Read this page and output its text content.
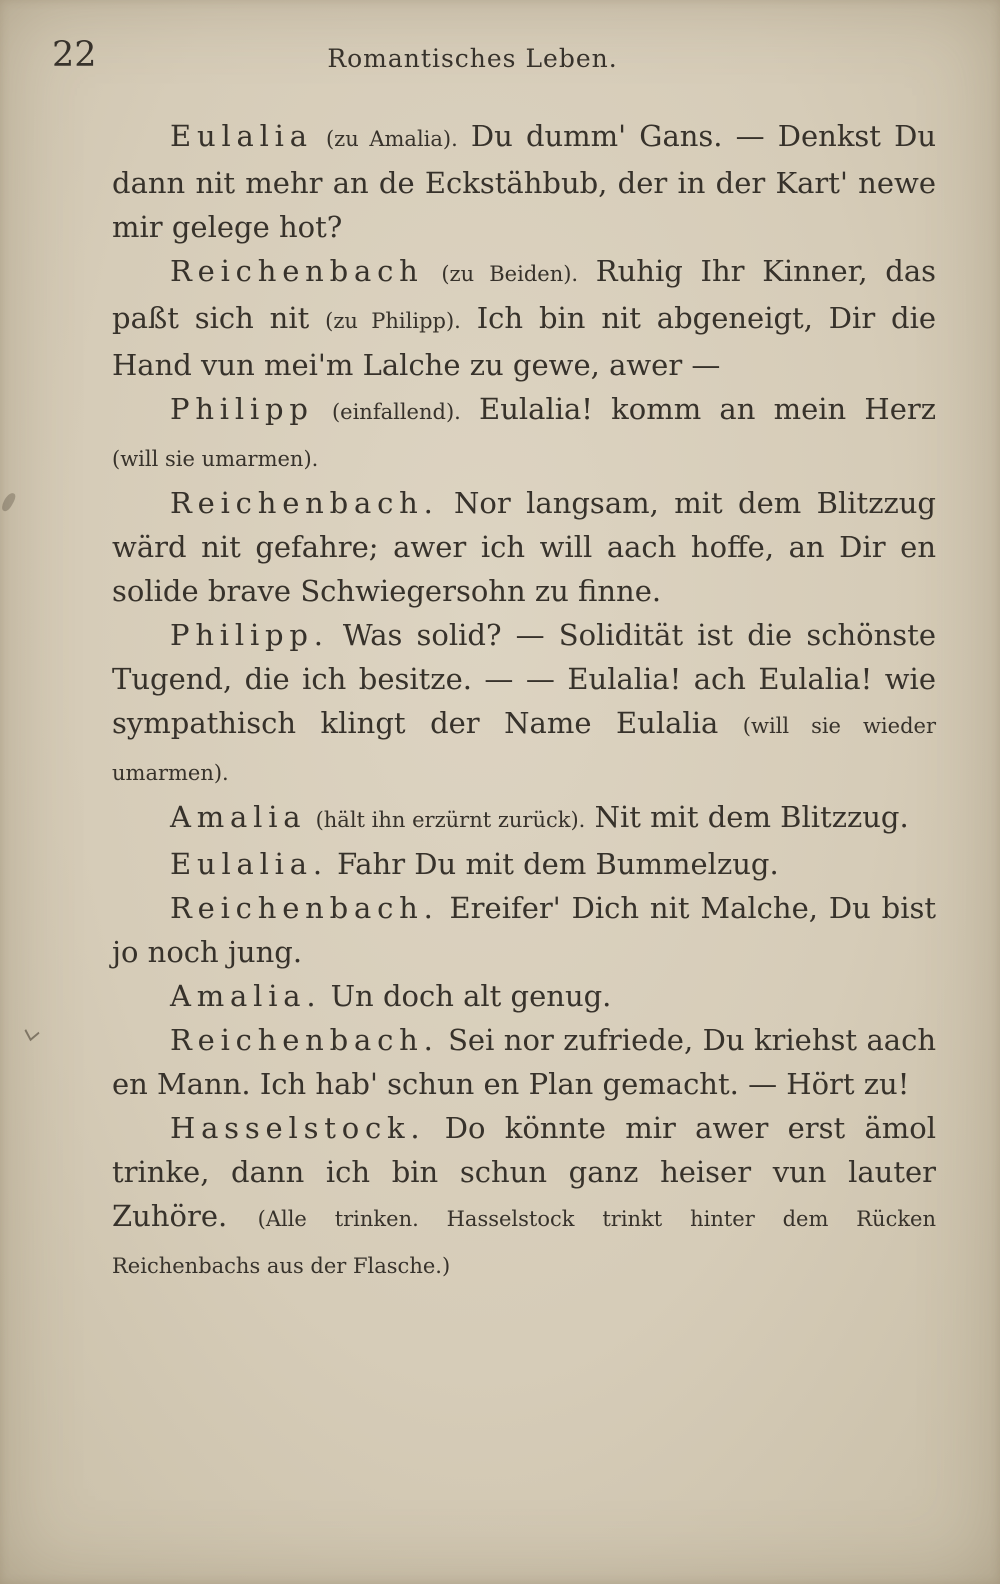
22	Romantisches Leben.

Eulalia (zu Amalia). Du dumm' Gans. — Denkst Du dann nit mehr an de Eckstähbub, der in der Kart' newe mir gelege hot?

Reichenbach (zu Beiden). Ruhig Ihr Kinner, das paßt sich nit (zu Philipp). Ich bin nit abgeneigt, Dir die Hand vun mei'm Lalche zu gewe, awer —

Philipp (einfallend). Eulalia! komm an mein Herz (will sie umarmen).

Reichenbach. Nor langsam, mit dem Blitzzug wärd nit gefahre; awer ich will aach hoffe, an Dir en solide brave Schwiegersohn zu finne.

Philipp. Was solid? — Solidität ist die schönste Tugend, die ich besitze. — — Eulalia! ach Eulalia! wie sympathisch klingt der Name Eulalia (will sie wieder umarmen).

Amalia (hält ihn erzürnt zurück). Nit mit dem Blitzzug.

Eulalia. Fahr Du mit dem Bummelzug.

Reichenbach. Ereifer' Dich nit Malche, Du bist jo noch jung.

Amalia. Un doch alt genug.

Reichenbach. Sei nor zufriede, Du kriehst aach en Mann. Ich hab' schun en Plan gemacht. — Hört zu!

Hasselstock. Do könnte mir awer erst ämol trinke, dann ich bin schun ganz heiser vun lauter Zuhöre. (Alle trinken. Hasselstock trinkt hinter dem Rücken Reichenbachs aus der Flasche.)
